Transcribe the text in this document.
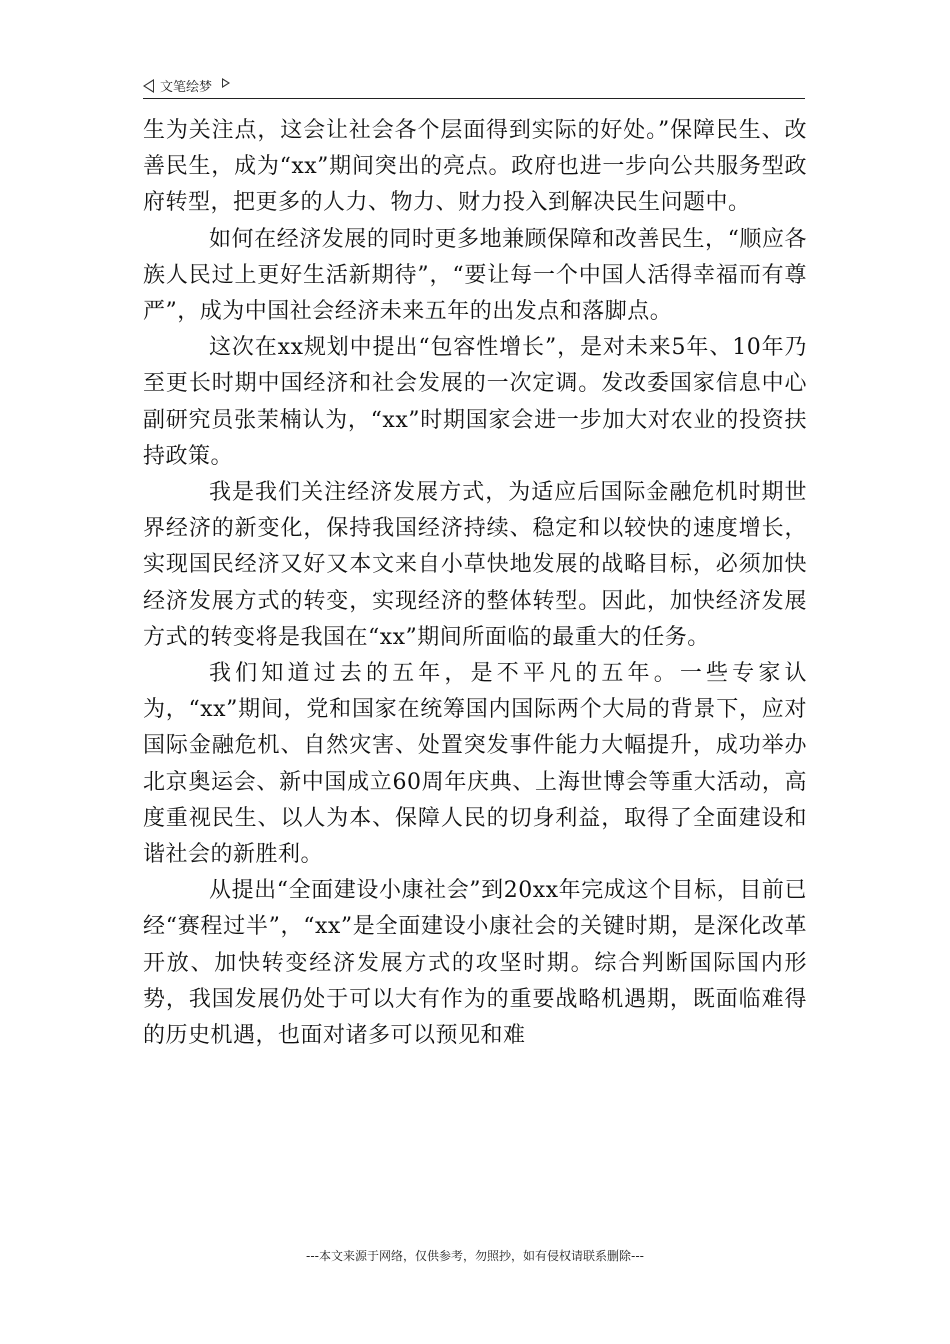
文笔绘梦

生为关注点，这会让社会各个层面得到实际的好处。”保障民生、改善民生，成为“xx”期间突出的亮点。政府也进一步向公共服务型政府转型，把更多的人力、物力、财力投入到解决民生问题中。

如何在经济发展的同时更多地兼顾保障和改善民生，“顺应各族人民过上更好生活新期待”，“要让每一个中国人活得幸福而有尊严”，成为中国社会经济未来五年的出发点和落脚点。

这次在xx规划中提出“包容性增长”，是对未来5年、10年乃至更长时期中国经济和社会发展的一次定调。发改委国家信息中心副研究员张茉楠认为，“xx”时期国家会进一步加大对农业的投资扶持政策。

我是我们关注经济发展方式，为适应后国际金融危机时期世界经济的新变化，保持我国经济持续、稳定和以较快的速度增长，实现国民经济又好又本文来自小草快地发展的战略目标，必须加快经济发展方式的转变，实现经济的整体转型。因此，加快经济发展方式的转变将是我国在“xx”期间所面临的最重大的任务。

我们知道过去的五年，是不平凡的五年。一些专家认为，“xx”期间，党和国家在统筹国内国际两个大局的背景下，应对国际金融危机、自然灾害、处置突发事件能力大幅提升，成功举办北京奥运会、新中国成立60周年庆典、上海世博会等重大活动，高度重视民生、以人为本、保障人民的切身利益，取得了全面建设和谐社会的新胜利。

从提出“全面建设小康社会”到20xx年完成这个目标，目前已经“赛程过半”，“xx”是全面建设小康社会的关键时期，是深化改革开放、加快转变经济发展方式的攻坚时期。综合判断国际国内形势，我国发展仍处于可以大有作为的重要战略机遇期，既面临难得的历史机遇，也面对诸多可以预见和难

---本文来源于网络，仅供参考，勿照抄，如有侵权请联系删除---
